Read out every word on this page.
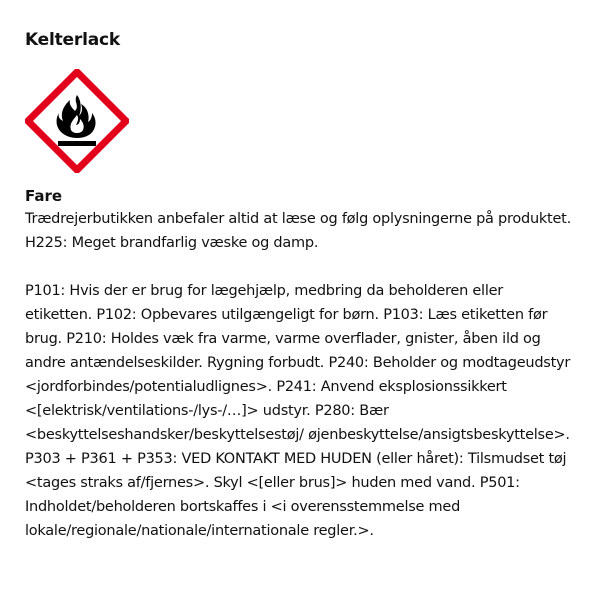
Kelterlack
Fare
Trædrejerbutikken anbefaler altid at læse og følg oplysningerne på produktet.
H225: Meget brandfarlig væske og damp.
P101: Hvis der er brug for lægehjælp, medbring da beholderen eller etiketten. P102: Opbevares utilgængeligt for børn. P103: Læs etiketten før brug. P210: Holdes væk fra varme, varme overflader, gnister, åben ild og andre antændelseskilder. Rygning forbudt. P240: Beholder og modtageudstyr <jordforbindes/potentialudlignes>. P241: Anvend eksplosionssikkert <[elektrisk/ventilations-/lys-/…]> udstyr. P280: Bær <beskyttelseshandsker/beskyttelsestøj/ øjenbeskyttelse/ansigtsbeskyttelse>. P303 + P361 + P353: VED KONTAKT MED HUDEN (eller håret): Tilsmudset tøj <tages straks af/fjernes>. Skyl <[eller brus]> huden med vand. P501: Indholdet/beholderen bortskaffes i <i overensstemmelse med lokale/regionale/nationale/internationale regler.>.
